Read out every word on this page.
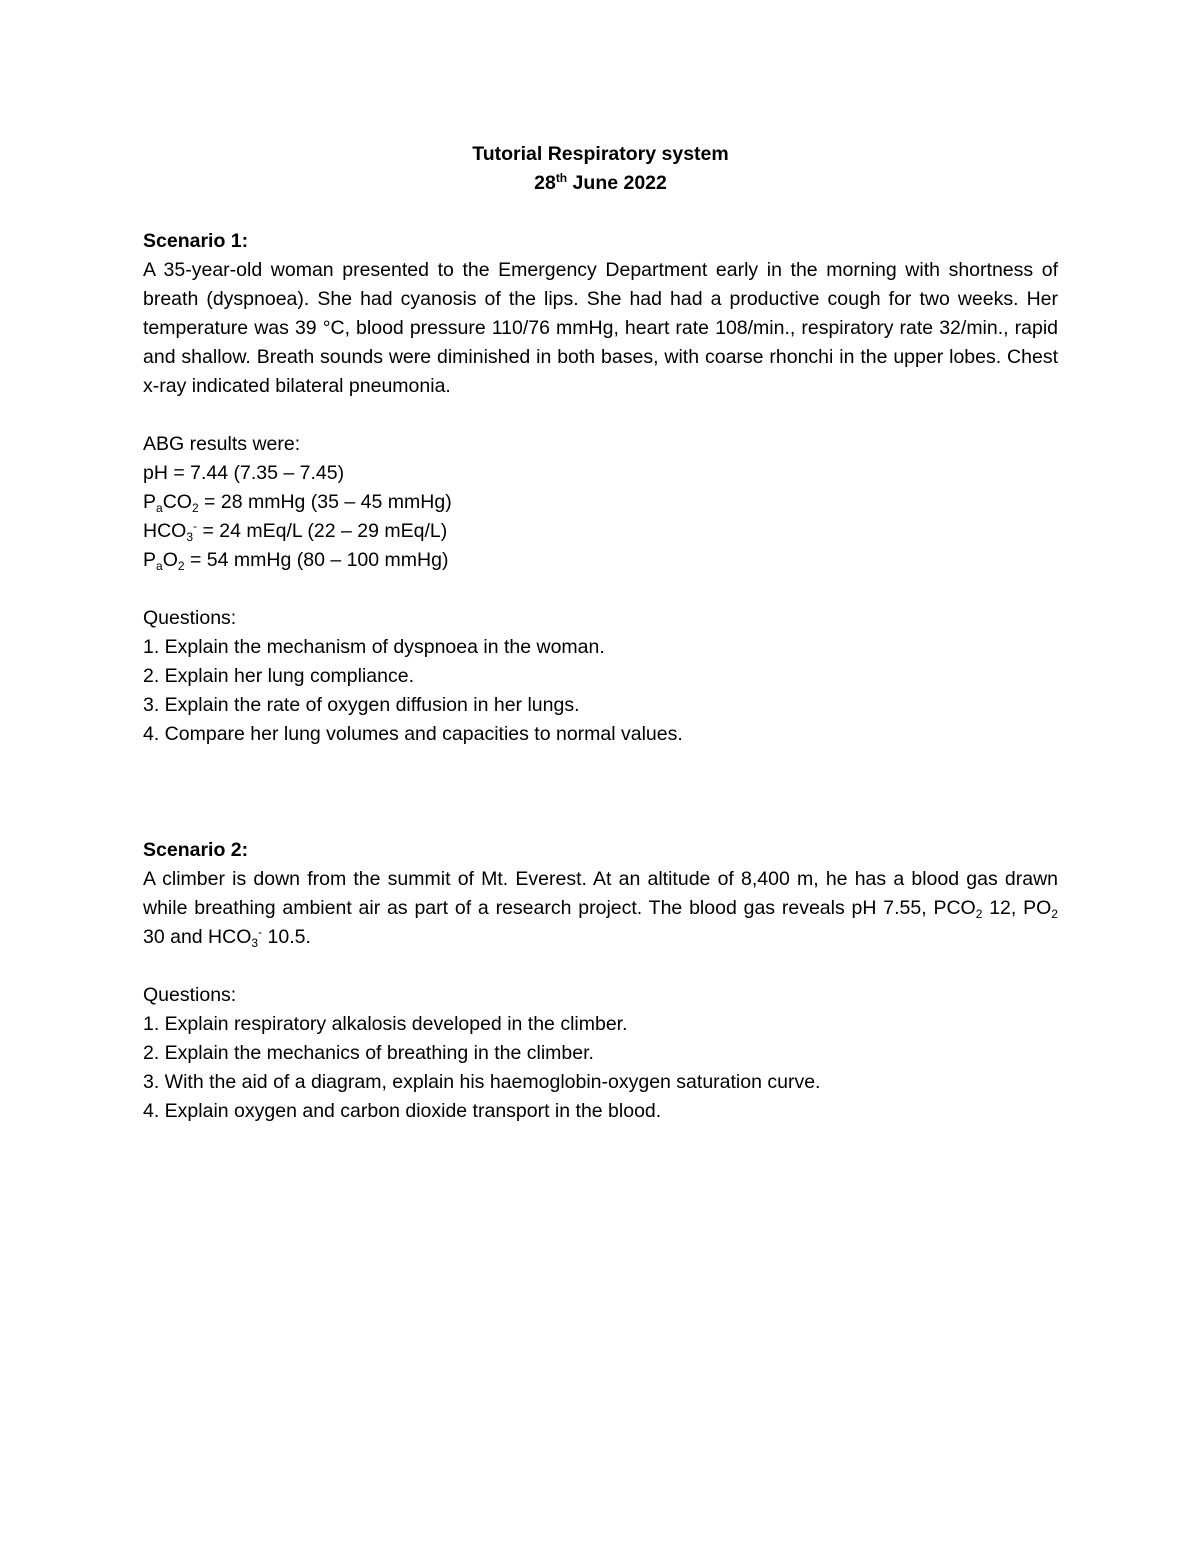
Tutorial Respiratory system
28th June 2022

Scenario 1:

A 35-year-old woman presented to the Emergency Department early in the morning with shortness of breath (dyspnoea). She had cyanosis of the lips. She had had a productive cough for two weeks. Her temperature was 39 °C, blood pressure 110/76 mmHg, heart rate 108/min., respiratory rate 32/min., rapid and shallow. Breath sounds were diminished in both bases, with coarse rhonchi in the upper lobes. Chest x-ray indicated bilateral pneumonia.

ABG results were:

pH = 7.44 (7.35 – 7.45)

$P_aCO_2 = 28$ mmHg (35 – 45 mmHg)

$HCO_3^- = 24$ mEq/L (22 – 29 mEq/L)

$P_aO_2 = 54$ mmHg (80 – 100 mmHg)

Questions:

1. Explain the mechanism of dyspnoea in the woman.
2. Explain her lung compliance.
3. Explain the rate of oxygen diffusion in her lungs.
4. Compare her lung volumes and capacities to normal values.

Scenario 2:

A climber is down from the summit of Mt. Everest. At an altitude of 8,400 m, he has a blood gas drawn while breathing ambient air as part of a research project. The blood gas reveals pH 7.55, $PCO_2$ 12, $PO_2$ 30 and $HCO_3^-$ 10.5.

Questions:

1. Explain respiratory alkalosis developed in the climber.
2. Explain the mechanics of breathing in the climber.
3. With the aid of a diagram, explain his haemoglobin-oxygen saturation curve.
4. Explain oxygen and carbon dioxide transport in the blood.
